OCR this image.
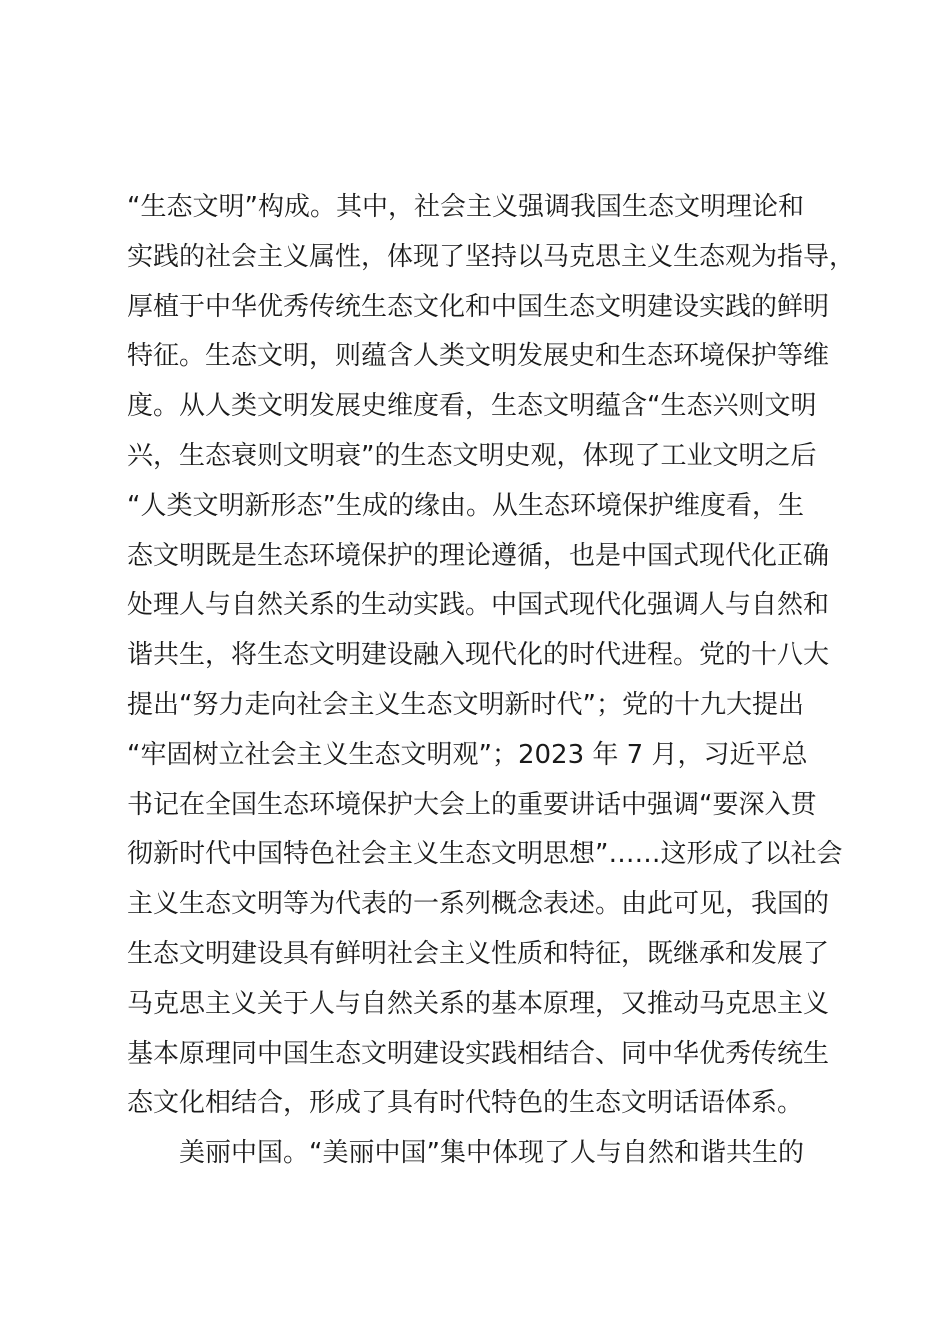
“生态文明”构成。其中，社会主义强调我国生态文明理论和
实践的社会主义属性，体现了坚持以马克思主义生态观为指导，
厚植于中华优秀传统生态文化和中国生态文明建设实践的鲜明
特征。生态文明，则蕴含人类文明发展史和生态环境保护等维
度。从人类文明发展史维度看，生态文明蕴含“生态兴则文明
兴，生态衰则文明衰”的生态文明史观，体现了工业文明之后
“人类文明新形态”生成的缘由。从生态环境保护维度看，生
态文明既是生态环境保护的理论遵循，也是中国式现代化正确
处理人与自然关系的生动实践。中国式现代化强调人与自然和
谐共生，将生态文明建设融入现代化的时代进程。党的十八大
提出“努力走向社会主义生态文明新时代”；党的十九大提出
“牢固树立社会主义生态文明观”；2023 年 7 月，习近平总
书记在全国生态环境保护大会上的重要讲话中强调“要深入贯
彻新时代中国特色社会主义生态文明思想”……这形成了以社会
主义生态文明等为代表的一系列概念表述。由此可见，我国的
生态文明建设具有鲜明社会主义性质和特征，既继承和发展了
马克思主义关于人与自然关系的基本原理，又推动马克思主义
基本原理同中国生态文明建设实践相结合、同中华优秀传统生
态文化相结合，形成了具有时代特色的生态文明话语体系。
美丽中国。“美丽中国”集中体现了人与自然和谐共生的
